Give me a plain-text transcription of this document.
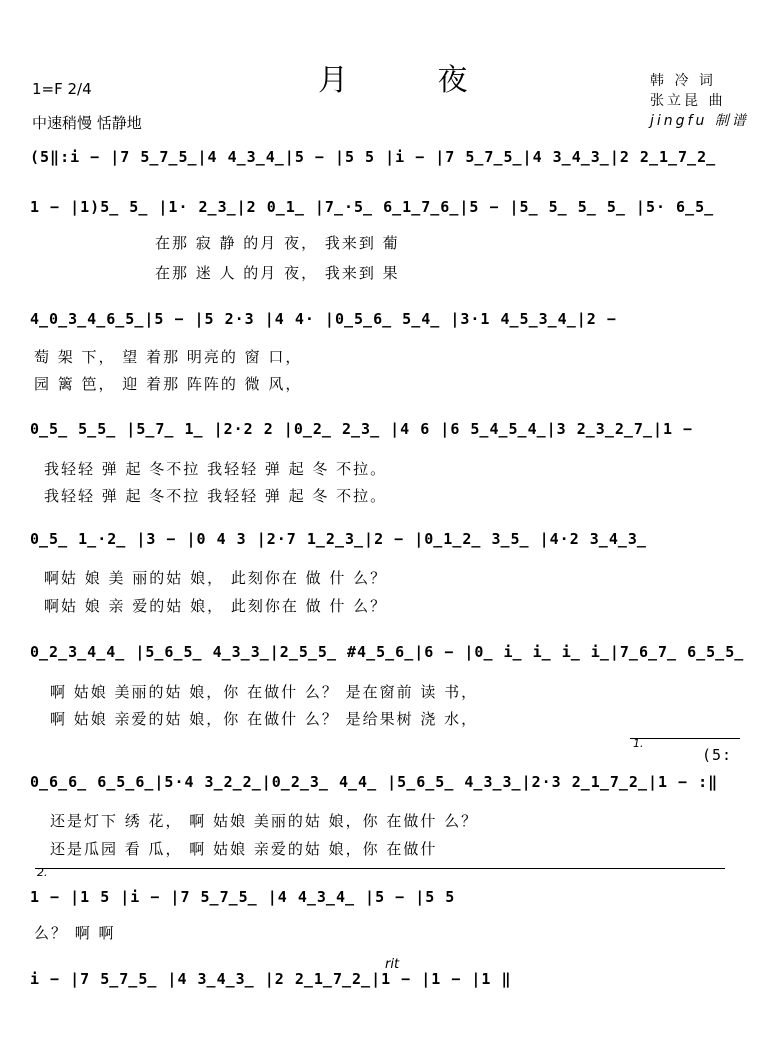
月 夜
1=F 2/4
中速稍慢 恬静地
韩 冷 词
张立昆 曲
jingfu 制谱
(5‖:i − |7 5̲7̲5̲|4 4̲3̲4̲|5 − |5 5 |i − |7 5̲7̲5̲|4 3̲4̲3̲|2 2̲1̲7̲2̲
1 − |1)5̲ 5̲ |1· 2̲3̲|2 0̲1̲ |7̲·5̲ 6̲1̲7̲6̲|5 − |5̲ 5̲ 5̲ 5̲ |5· 6̲5̲
在那 寂 静 的月 夜， 我来到 葡
在那 迷 人 的月 夜， 我来到 果
4̲0̲3̲4̲6̲5̲|5 − |5 2·3 |4 4· |0̲5̲6̲ 5̲4̲ |3·1 4̲5̲3̲4̲|2 −
萄 架 下， 望 着那 明亮的 窗 口，
园 篱 笆， 迎 着那 阵阵的 微 风，
0̲5̲ 5̲5̲ |5̲7̲ 1̲ |2·2 2 |0̲2̲ 2̲3̲ |4 6 |6 5̲4̲5̲4̲|3 2̲3̲2̲7̲|1 −
我轻轻 弹 起 冬不拉 我轻轻 弹 起 冬 不拉。
我轻轻 弹 起 冬不拉 我轻轻 弹 起 冬 不拉。
0̲5̲ 1̲·2̲ |3 − |0 4 3 |2·7 1̲2̲3̲|2 − |0̲1̲2̲ 3̲5̲ |4·2 3̲4̲3̲
啊姑 娘 美 丽的姑 娘， 此刻你在 做 什 么？
啊姑 娘 亲 爱的姑 娘， 此刻你在 做 什 么？
0̲2̲3̲4̲4̲ |5̲6̲5̲ 4̲3̲3̲|2̲5̲5̲ #4̲5̲6̲|6 − |0̲ i̲ i̲ i̲ i̲|7̲6̲7̲ 6̲5̲5̲
啊 姑娘 美丽的姑 娘，你 在做什 么？ 是在窗前 读 书，
啊 姑娘 亲爱的姑 娘，你 在做什 么？ 是给果树 浇 水，
1.
(5:
0̲6̲6̲ 6̲5̲6̲|5·4 3̲2̲2̲|0̲2̲3̲ 4̲4̲ |5̲6̲5̲ 4̲3̲3̲|2·3 2̲1̲7̲2̲|1 − :‖
还是灯下 绣 花， 啊 姑娘 美丽的姑 娘，你 在做什 么？
还是瓜园 看 瓜， 啊 姑娘 亲爱的姑 娘，你 在做什
2.
1 − |1 5 |i − |7 5̲7̲5̲ |4 4̲3̲4̲ |5 − |5 5
么？ 啊 啊
rit
i − |7 5̲7̲5̲ |4 3̲4̲3̲ |2 2̲1̲7̲2̲|1 − |1 − |1 ‖
